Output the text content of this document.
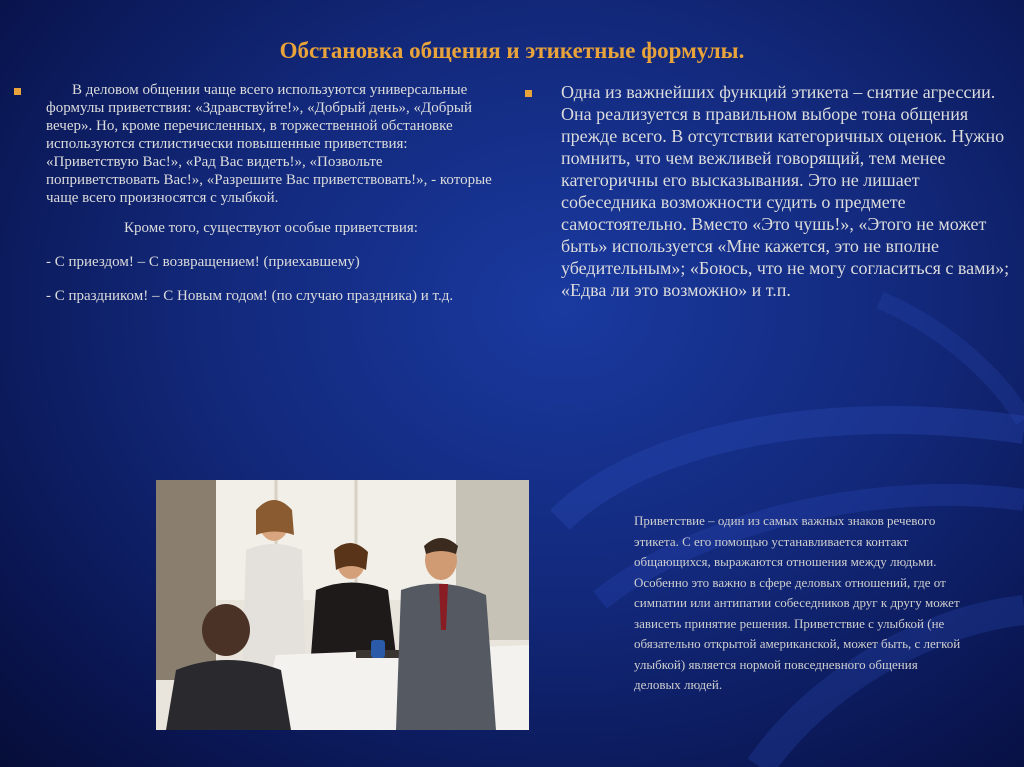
Обстановка общения и этикетные формулы.

В деловом общении чаще всего используются универсальные формулы приветствия: «Здравствуйте!», «Добрый день», «Добрый вечер». Но, кроме перечисленных, в торжественной обстановке используются стилистически повышенные приветствия: «Приветствую Вас!», «Рад Вас видеть!», «Позвольте поприветствовать Вас!», «Разрешите Вас приветствовать!», - которые чаще всего произносятся с улыбкой.

Кроме того, существуют особые приветствия:

- С приездом! – С возвращением! (приехавшему)

- С праздником! – С Новым годом! (по случаю праздника) и т.д.

Одна из важнейших функций этикета – снятие агрессии. Она реализуется в правильном выборе тона общения прежде всего. В отсутствии категоричных оценок. Нужно помнить, что чем вежливей говорящий, тем менее категоричны его высказывания. Это не лишает собеседника возможности судить о предмете самостоятельно. Вместо «Это чушь!», «Этого не может быть» используется «Мне кажется, это не вполне убедительным»; «Боюсь, что не могу согласиться с вами»; «Едва ли это возможно» и т.п.

Приветствие – один из самых важных знаков речевого этикета. С его помощью устанавливается контакт общающихся, выражаются отношения между людьми. Особенно это важно в сфере деловых отношений, где от симпатии или антипатии собеседников друг к другу может зависеть принятие решения. Приветствие с улыбкой (не обязательно открытой американской, может быть, с легкой улыбкой) является нормой повседневного общения деловых людей.
